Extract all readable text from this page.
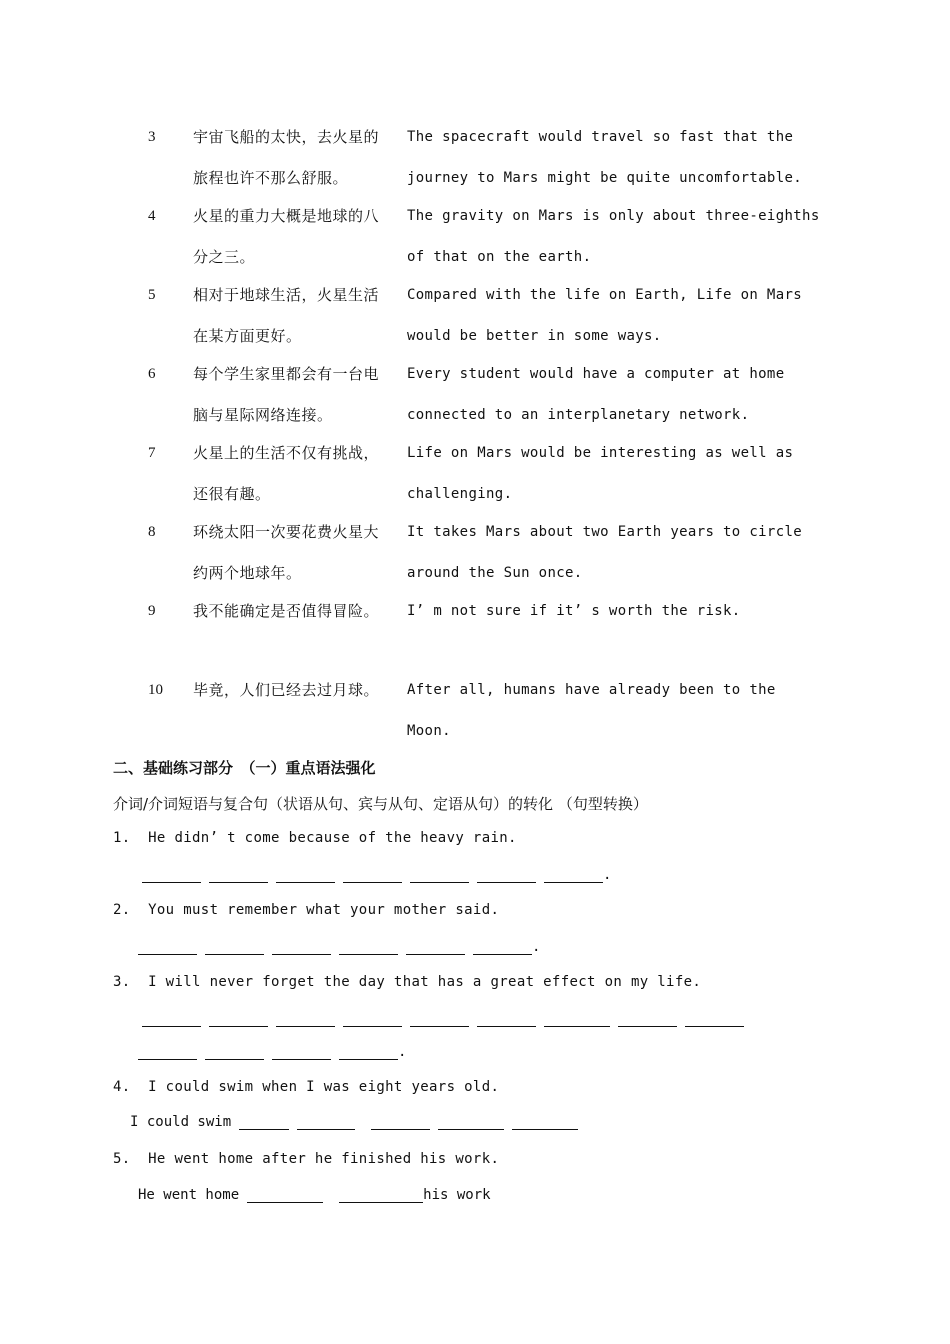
3	宇宙飞船的太快，去火星的旅程也许不那么舒服。
The spacecraft would travel so fast that the
journey to Mars might be quite uncomfortable.
4	火星的重力大概是地球的八分之三。
The gravity on Mars is only about three-eighths
of that on the earth.
5	相对于地球生活，火星生活在某方面更好。
Compared with the life on Earth, Life on Mars
would be better in some ways.
6	每个学生家里都会有一台电脑与星际网络连接。
Every student would have a computer at home
connected to an interplanetary network.
7	火星上的生活不仅有挑战，还很有趣。
Life on Mars would be interesting as well as
challenging.
8	环绕太阳一次要花费火星大约两个地球年。
It takes Mars about two Earth years to circle
around the Sun once.
9	我不能确定是否值得冒险。	I’ m not sure if it’ s worth the risk.
10	毕竟，人们已经去过月球。	After all, humans have already been to the Moon.
二、基础练习部分　（一）重点语法强化
介词/介词短语与复合句（状语从句、宾与从句、定语从句）的转化 （句型转换）
1.  He didn’ t come because of the heavy rain.
.
2.  You must remember what your mother said.
.
3.  I will never forget the day that has a great effect on my life.
.
4.  I could swim when I was eight years old.
I could swim
5.  He went home after he finished his work.
He went home	his work
